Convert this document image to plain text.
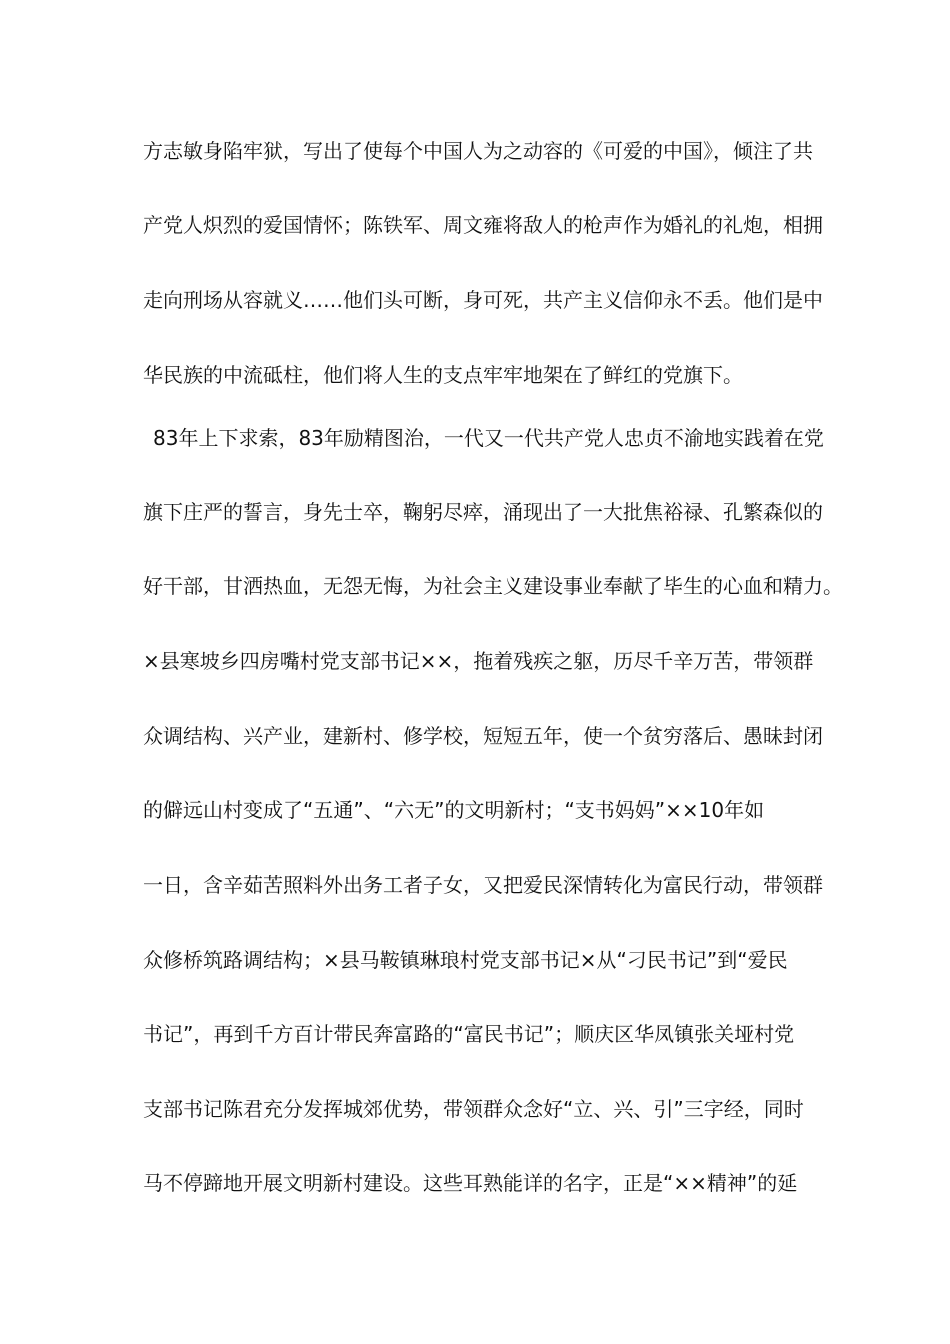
方志敏身陷牢狱，写出了使每个中国人为之动容的《可爱的中国》，倾注了共
产党人炽烈的爱国情怀；陈铁军、周文雍将敌人的枪声作为婚礼的礼炮，相拥
走向刑场从容就义……他们头可断，身可死，共产主义信仰永不丢。他们是中
华民族的中流砥柱，他们将人生的支点牢牢地架在了鲜红的党旗下。
83年上下求索，83年励精图治，一代又一代共产党人忠贞不渝地实践着在党
旗下庄严的誓言，身先士卒，鞠躬尽瘁，涌现出了一大批焦裕禄、孔繁森似的
好干部，甘洒热血，无怨无悔，为社会主义建设事业奉献了毕生的心血和精力。
×县寒坡乡四房嘴村党支部书记××，拖着残疾之躯，历尽千辛万苦，带领群
众调结构、兴产业，建新村、修学校，短短五年，使一个贫穷落后、愚昧封闭
的僻远山村变成了“五通”、“六无”的文明新村；“支书妈妈”××10年如
一日，含辛茹苦照料外出务工者子女，又把爱民深情转化为富民行动，带领群
众修桥筑路调结构；×县马鞍镇琳琅村党支部书记×从“刁民书记”到“爱民
书记”，再到千方百计带民奔富路的“富民书记”；顺庆区华凤镇张关垭村党
支部书记陈君充分发挥城郊优势，带领群众念好“立、兴、引”三字经，同时
马不停蹄地开展文明新村建设。这些耳熟能详的名字，正是“××精神”的延
